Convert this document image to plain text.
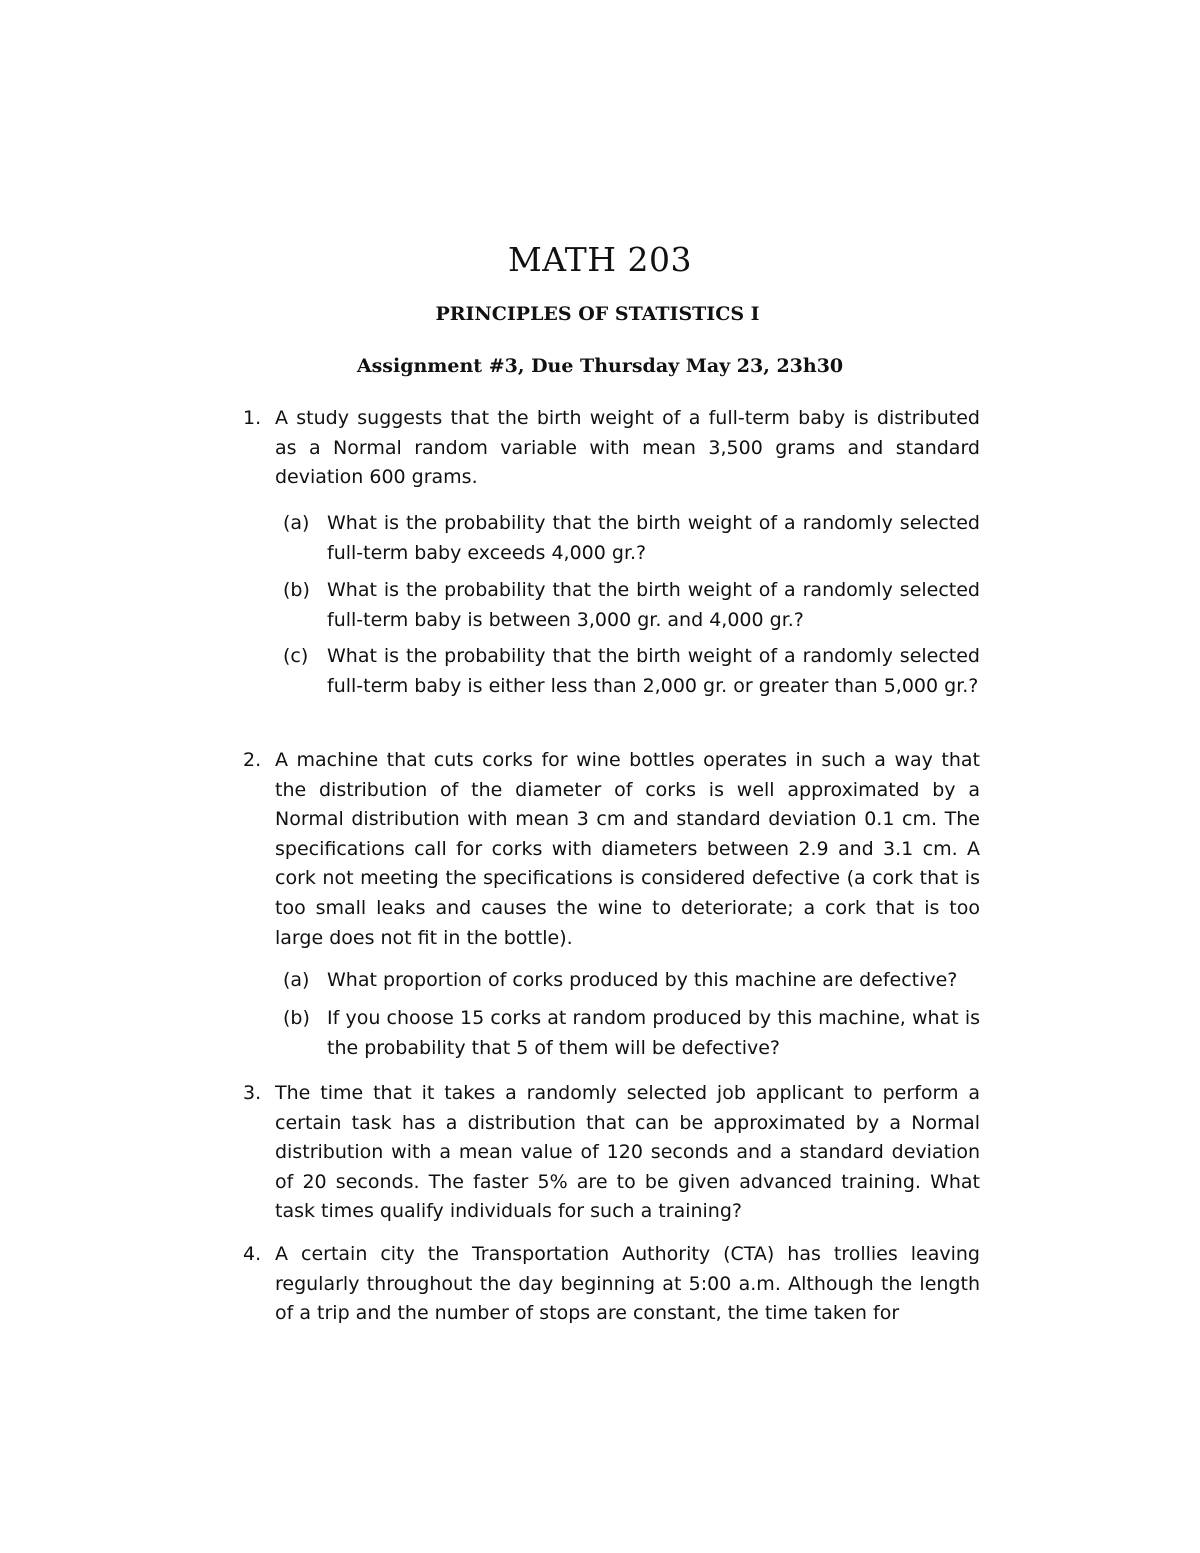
MATH 203
PRINCIPLES OF STATISTICS I
Assignment #3, Due Thursday May 23, 23h30
1. A study suggests that the birth weight of a full-term baby is distributed as a Normal random variable with mean 3,500 grams and standard deviation 600 grams.
(a) What is the probability that the birth weight of a randomly selected full-term baby exceeds 4,000 gr.?
(b) What is the probability that the birth weight of a randomly selected full-term baby is between 3,000 gr. and 4,000 gr.?
(c) What is the probability that the birth weight of a randomly selected full-term baby is either less than 2,000 gr. or greater than 5,000 gr.?
2. A machine that cuts corks for wine bottles operates in such a way that the distribution of the diameter of corks is well approximated by a Normal distribution with mean 3 cm and standard deviation 0.1 cm. The specifications call for corks with diameters between 2.9 and 3.1 cm. A cork not meeting the specifications is considered defective (a cork that is too small leaks and causes the wine to deteriorate; a cork that is too large does not fit in the bottle).
(a) What proportion of corks produced by this machine are defective?
(b) If you choose 15 corks at random produced by this machine, what is the probability that 5 of them will be defective?
3. The time that it takes a randomly selected job applicant to perform a certain task has a distribution that can be approximated by a Normal distribution with a mean value of 120 seconds and a standard deviation of 20 seconds. The faster 5% are to be given advanced training. What task times qualify individuals for such a training?
4. A certain city the Transportation Authority (CTA) has trollies leaving regularly throughout the day beginning at 5:00 a.m. Although the length of a trip and the number of stops are constant, the time taken for
